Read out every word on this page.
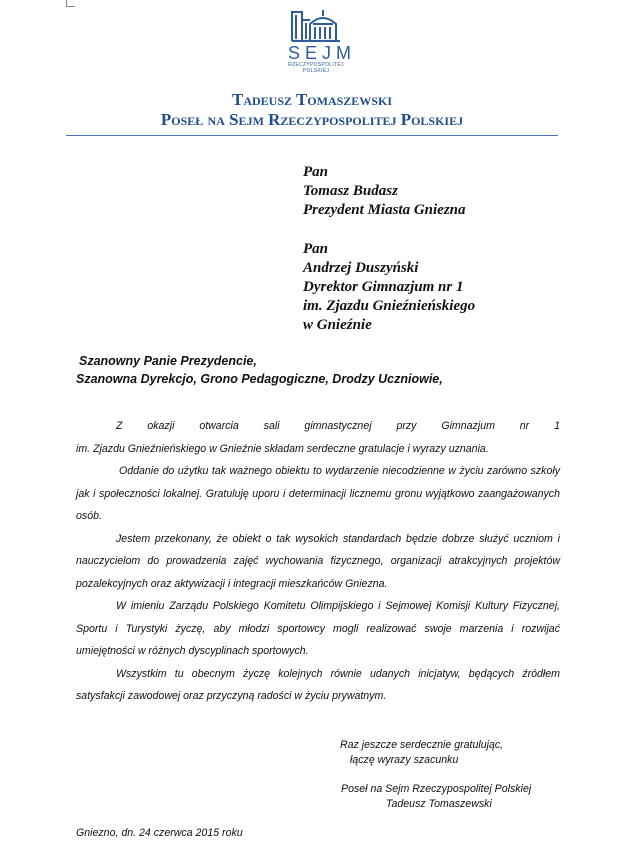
SEJM
RZECZYPOSPOLITEJ
POLSKIEJ
Tadeusz Tomaszewski
Poseł na Sejm Rzeczypospolitej Polskiej
Pan
Tomasz Budasz
Prezydent Miasta Gniezna
Pan
Andrzej Duszyński
Dyrektor Gimnazjum nr 1
im. Zjazdu Gnieźnieńskiego
w Gnieźnie
Szanowny Panie Prezydencie,
Szanowna Dyrekcjo, Grono Pedagogiczne, Drodzy Uczniowie,

Z okazji otwarcia sali gimnastycznej przy Gimnazjum nr 1

im. Zjazdu Gnieźnieńskiego w Gnieźnie składam serdeczne gratulacje i wyrazy uznania.

Oddanie do użytku tak ważnego obiektu to wydarzenie niecodzienne w życiu zarówno szkoły jak i społeczności lokalnej. Gratuluję uporu i determinacji licznemu gronu wyjątkowo zaangażowanych osób.

Jestem przekonany, że obiekt o tak wysokich standardach będzie dobrze służyć uczniom i nauczycielom do prowadzenia zajęć wychowania fizycznego, organizacji atrakcyjnych projektów pozalekcyjnych oraz aktywizacji i integracji mieszkańców Gniezna.

W imieniu Zarządu Polskiego Komitetu Olimpijskiego i Sejmowej Komisji Kultury Fizycznej, Sportu i Turystyki życzę, aby młodzi sportowcy mogli realizować swoje marzenia i rozwijać umiejętności w różnych dyscyplinach sportowych.

Wszystkim tu obecnym życzę kolejnych równie udanych inicjatyw, będących źródłem satysfakcji zawodowej oraz przyczyną radości w życiu prywatnym.

Raz jeszcze serdecznie gratulując,
łączę wyrazy szacunku
Poseł na Sejm Rzeczypospolitej Polskiej
Tadeusz Tomaszewski
Gniezno, dn. 24 czerwca 2015 roku
